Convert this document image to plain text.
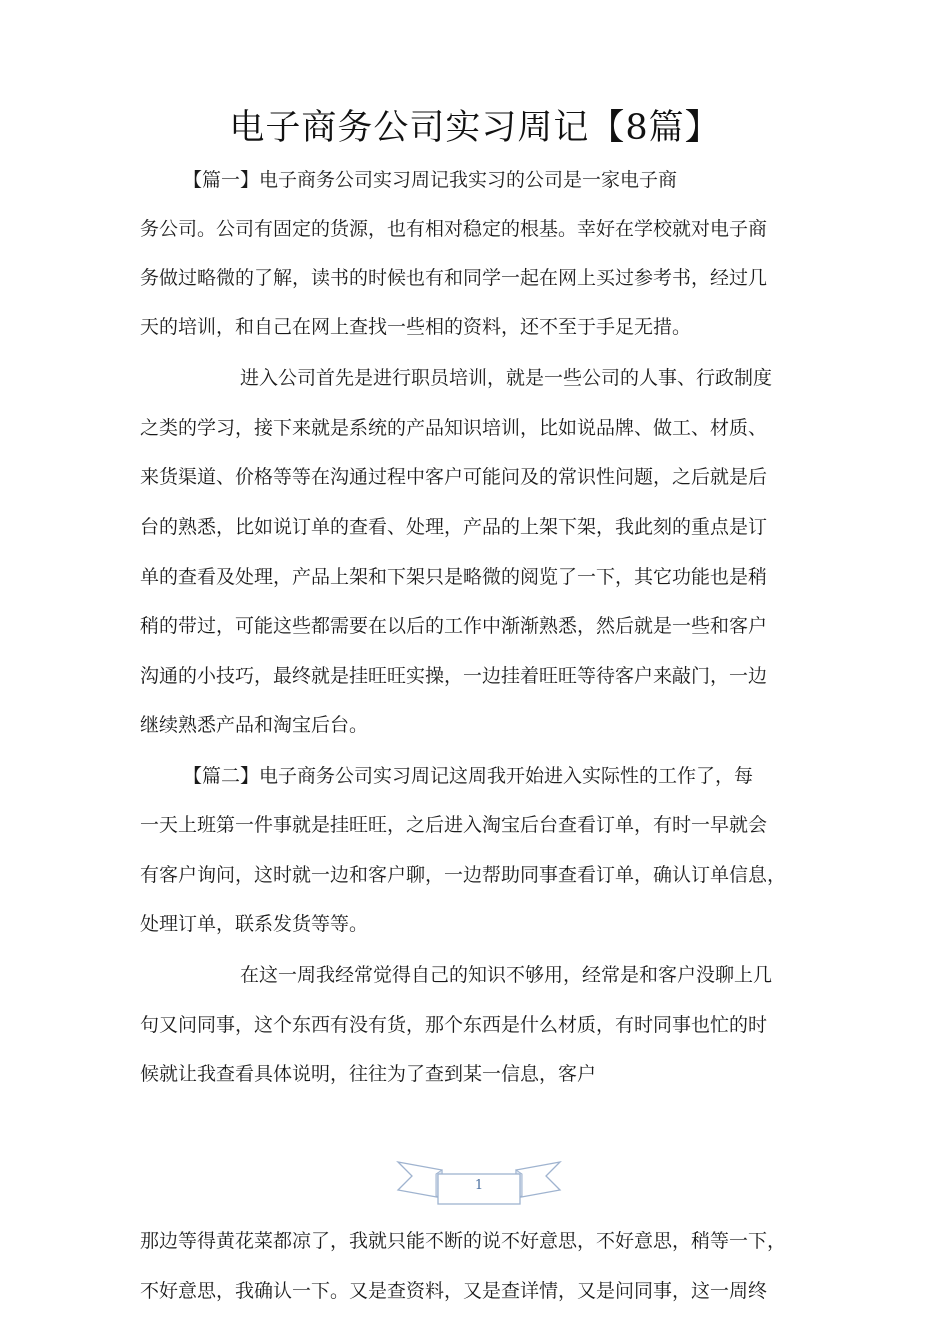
电子商务公司实习周记【8篇】
【篇一】电子商务公司实习周记我实习的公司是一家电子商
务公司。公司有固定的货源，也有相对稳定的根基。幸好在学校就对电子商
务做过略微的了解，读书的时候也有和同学一起在网上买过参考书，经过几
天的培训，和自己在网上查找一些相的资料，还不至于手足无措。
进入公司首先是进行职员培训，就是一些公司的人事、行政制度
之类的学习，接下来就是系统的产品知识培训，比如说品牌、做工、材质、
来货渠道、价格等等在沟通过程中客户可能问及的常识性问题，之后就是后
台的熟悉，比如说订单的查看、处理，产品的上架下架，我此刻的重点是订
单的查看及处理，产品上架和下架只是略微的阅览了一下，其它功能也是稍
稍的带过，可能这些都需要在以后的工作中渐渐熟悉，然后就是一些和客户
沟通的小技巧，最终就是挂旺旺实操，一边挂着旺旺等待客户来敲门，一边
继续熟悉产品和淘宝后台。
【篇二】电子商务公司实习周记这周我开始进入实际性的工作了，每
一天上班第一件事就是挂旺旺，之后进入淘宝后台查看订单，有时一早就会
有客户询问，这时就一边和客户聊，一边帮助同事查看订单，确认订单信息，
处理订单，联系发货等等。
在这一周我经常觉得自己的知识不够用，经常是和客户没聊上几
句又问同事，这个东西有没有货，那个东西是什么材质，有时同事也忙的时
候就让我查看具体说明，往往为了查到某一信息，客户
1
那边等得黄花菜都凉了，我就只能不断的说不好意思，不好意思，稍等一下，
不好意思，我确认一下。又是查资料，又是查详情，又是问同事，这一周终
